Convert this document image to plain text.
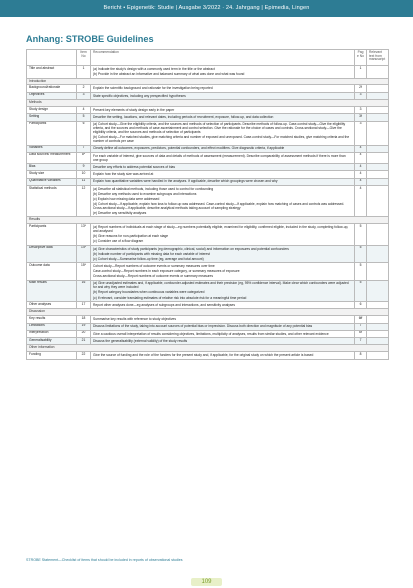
Bericht • Epigenetik: Studie | Ausgabe 3/2022 · 24. Jahrgang | Epimedia, Lingen
Anhang: STROBE Guidelines
	Item No	Recommendation	Page No	Relevant text from manuscript
Title and abstract	1	(a) Indicate the study's design with a commonly used term in the title or the abstract
(b) Provide in the abstract an informative and balanced summary of what was done and what was found	1	
Introduction				
Background/rationale	2	Explain the scientific background and rationale for the investigation being reported	2f	
Objectives	3	State specific objectives, including any prespecified hypotheses	3	
Methods				
Study design	4	Present key elements of study design early in the paper	3	
Setting	5	Describe the setting, locations, and relevant dates, including periods of recruitment, exposure, follow-up, and data collection	3f	
Participants	6	(a) Cohort study—Give the eligibility criteria, and the sources and methods of selection of participants. Describe methods of follow-up. Case-control study—Give the eligibility criteria, and the sources and methods of case ascertainment and control selection. Give the rationale for the choice of cases and controls. Cross-sectional study—Give the eligibility criteria, and the sources and methods of selection of participants
(b) Cohort study—For matched studies, give matching criteria and number of exposed and unexposed. Case-control study—For matched studies, give matching criteria and the number of controls per case	3	
Variables	7	Clearly define all outcomes, exposures, predictors, potential confounders, and effect modifiers. Give diagnostic criteria, if applicable	4	
Data sources/ measurement	8*	For each variable of interest, give sources of data and details of methods of assessment (measurement). Describe comparability of assessment methods if there is more than one group	4	
Bias	9	Describe any efforts to address potential sources of bias	4	
Study size	10	Explain how the study size was arrived at	4	
Quantitative variables	11	Explain how quantitative variables were handled in the analyses. If applicable, describe which groupings were chosen and why	4	
Statistical methods	12	(a) Describe all statistical methods, including those used to control for confounding
(b) Describe any methods used to examine subgroups and interactions
(c) Explain how missing data were addressed
(d) Cohort study—If applicable, explain how loss to follow-up was addressed. Case-control study—If applicable, explain how matching of cases and controls was addressed. Cross-sectional study—If applicable, describe analytical methods taking account of sampling strategy
(e) Describe any sensitivity analyses	4	
Results				
Participants	13*	(a) Report numbers of individuals at each stage of study—eg numbers potentially eligible, examined for eligibility, confirmed eligible, included in the study, completing follow-up, and analysed
(b) Give reasons for non-participation at each stage
(c) Consider use of a flow diagram	5	
Descriptive data	14*	(a) Give characteristics of study participants (eg demographic, clinical, social) and information on exposures and potential confounders
(b) Indicate number of participants with missing data for each variable of interest
(c) Cohort study—Summarise follow-up time (eg, average and total amount)	5	
Outcome data	15*	Cohort study—Report numbers of outcome events or summary measures over time
Case-control study—Report numbers in each exposure category, or summary measures of exposure
Cross-sectional study—Report numbers of outcome events or summary measures	5	
Main results	16	(a) Give unadjusted estimates and, if applicable, confounder-adjusted estimates and their precision (eg, 95% confidence interval). Make clear which confounders were adjusted for and why they were included
(b) Report category boundaries when continuous variables were categorized
(c) If relevant, consider translating estimates of relative risk into absolute risk for a meaningful time period	5	
Other analyses	17	Report other analyses done—eg analyses of subgroups and interactions, and sensitivity analyses	6	
Discussion				
Key results	18	Summarise key results with reference to study objectives	6ff	
Limitations	19	Discuss limitations of the study, taking into account sources of potential bias or imprecision. Discuss both direction and magnitude of any potential bias	7	
Interpretation	20	Give a cautious overall interpretation of results considering objectives, limitations, multiplicity of analyses, results from similar studies, and other relevant evidence	6f	
Generalisability	21	Discuss the generalisability (external validity) of the study results	7	
Other information				
Funding	22	Give the source of funding and the role of the funders for the present study and, if applicable, for the original study on which the present article is based	8	
STROBE Statement—Checklist of items that should be included in reports of observational studies
109
